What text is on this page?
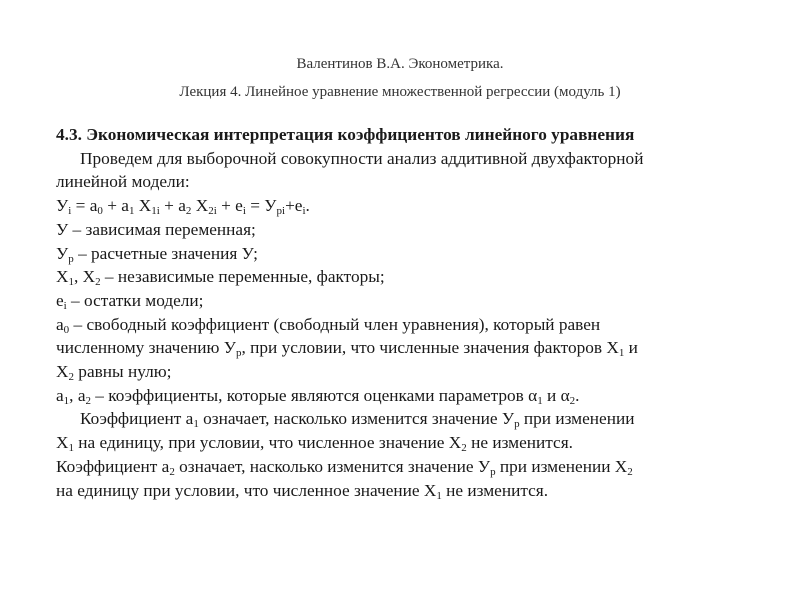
Валентинов В.А. Эконометрика.
Лекция 4. Линейное уравнение множественной регрессии (модуль 1)
4.3. Экономическая интерпретация коэффициентов линейного уравнения
Проведем для выборочной совокупности анализ аддитивной двухфакторной
линейной модели:
$У_i = a_0 + a_1$ $X_{1i} + a_2$ $X_{2i} + e_i = У_{pi}+e_i$.
У – зависимая переменная;
$У_p$ – расчетные значения У;
$X_1$, $X_2$ – независимые переменные, факторы;
$e_i$ – остатки модели;
$a_0$ – свободный коэффициент (свободный член уравнения), который равен
численному значению $У_p$, при условии, что численные значения факторов $X_1$ и
$X_2$ равны нулю;
$a_1$, $a_2$ – коэффициенты, которые являются оценками параметров $\alpha_1$ и $\alpha_2$.
Коэффициент $a_1$ означает, насколько изменится значение $У_p$ при изменении
$X_1$ на единицу, при условии, что численное значение $X_2$ не изменится.
Коэффициент $a_2$ означает, насколько изменится значение $У_p$ при изменении $X_2$
на единицу при условии, что численное значение $X_1$ не изменится.
